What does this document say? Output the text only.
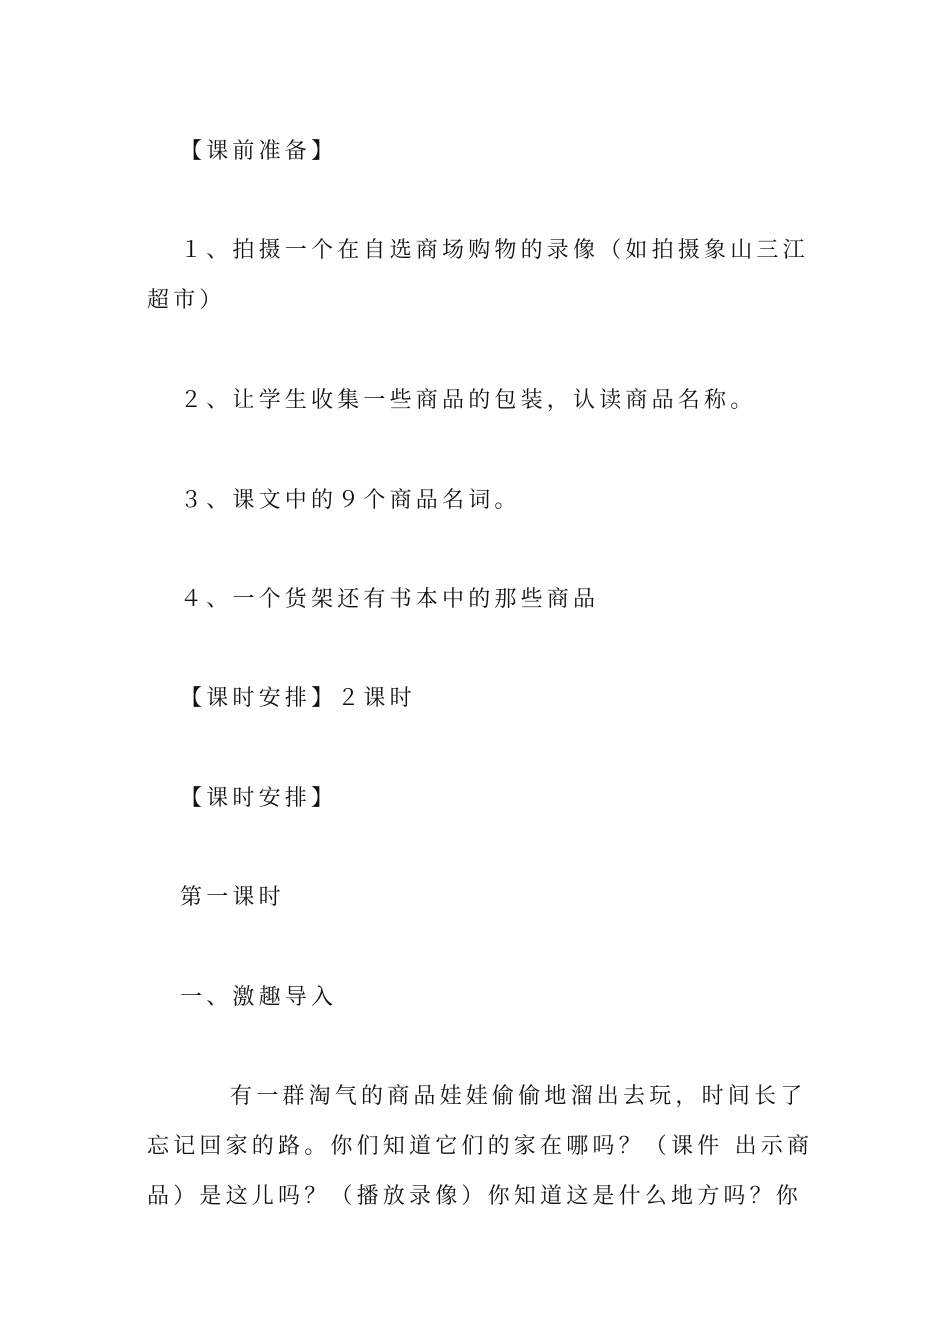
【课前准备】
１、拍摄一个在自选商场购物的录像（如拍摄象山三江
超市）
２、让学生收集一些商品的包装，认读商品名称。
３、课文中的９个商品名词。
４、一个货架还有书本中的那些商品
【课时安排】２课时
【课时安排】
第一课时
一、激趣导入
有一群淘气的商品娃娃偷偷地溜出去玩，时间长了
忘记回家的路。你们知道它们的家在哪吗？（课件 出示商
品）是这儿吗？（播放录像）你知道这是什么地方吗？你
